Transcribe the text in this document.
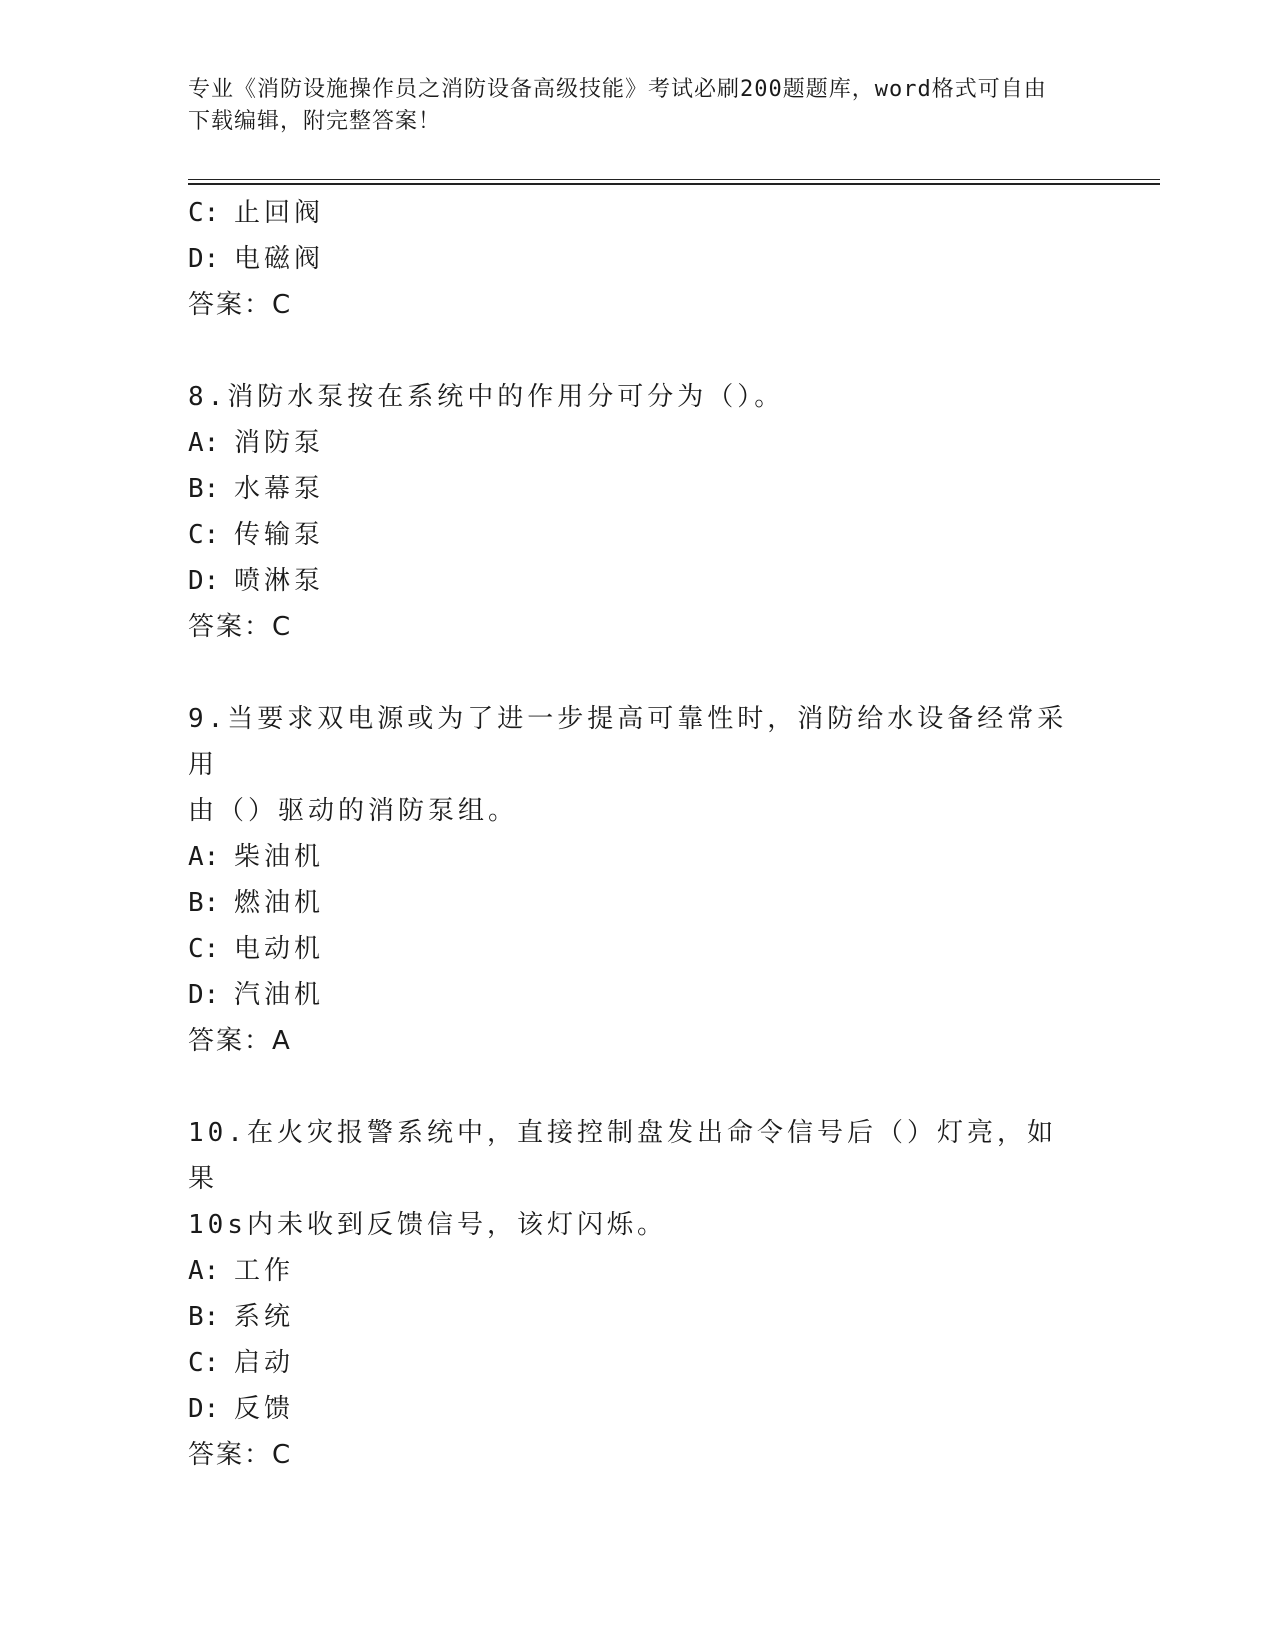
专业《消防设施操作员之消防设备高级技能》考试必刷200题题库，word格式可自由下载编辑，附完整答案！
C: 止回阀
D: 电磁阀
答案：C
8.消防水泵按在系统中的作用分可分为（）。
A: 消防泵
B: 水幕泵
C: 传输泵
D: 喷淋泵
答案：C
9.当要求双电源或为了进一步提高可靠性时，消防给水设备经常采用
由（）驱动的消防泵组。
A: 柴油机
B: 燃油机
C: 电动机
D: 汽油机
答案：A
10.在火灾报警系统中，直接控制盘发出命令信号后（）灯亮，如果
10s内未收到反馈信号，该灯闪烁。
A: 工作
B: 系统
C: 启动
D: 反馈
答案：C
